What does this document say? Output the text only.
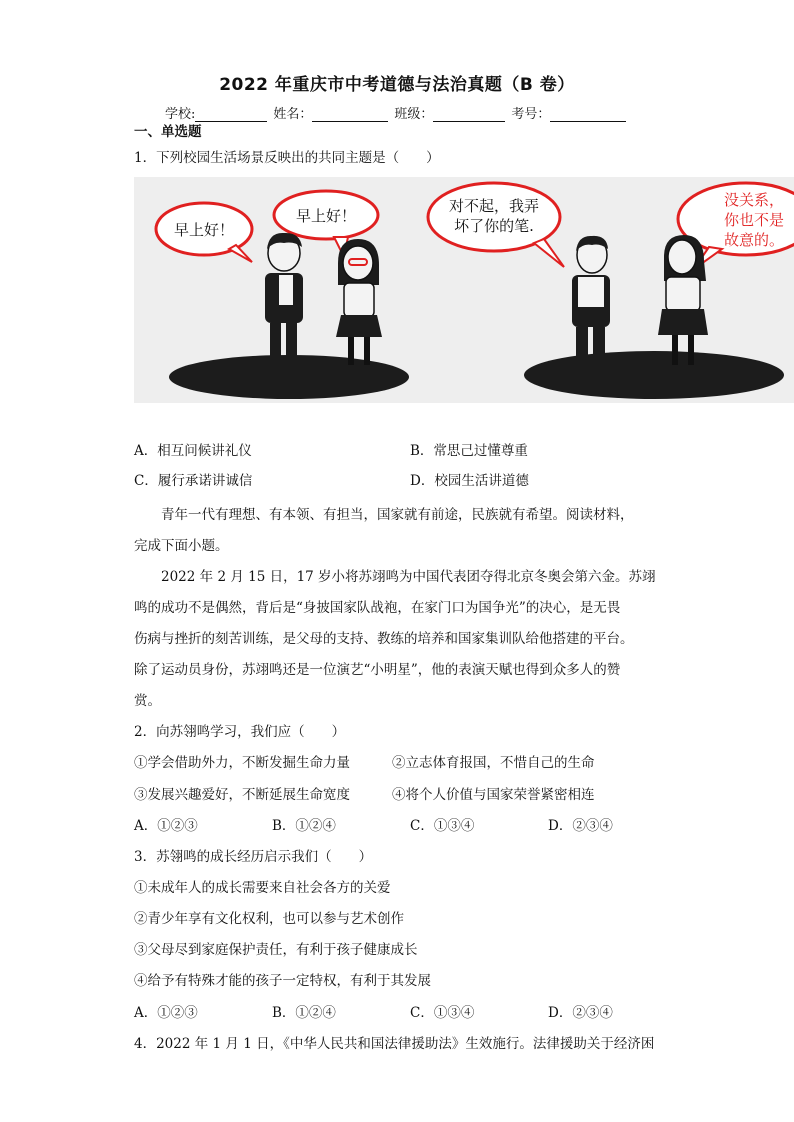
2022 年重庆市中考道德与法治真题（B 卷）
学校:	姓名：	班级：	考号：
一、单选题
1．下列校园生活场景反映出的共同主题是（　　）
早上好！
早上好！
对不起，我弄
坏了你的笔.
没关系，
你也不是
故意的。
A．相互问候讲礼仪	B．常思己过懂尊重
C．履行承诺讲诚信	D．校园生活讲道德
青年一代有理想、有本领、有担当，国家就有前途，民族就有希望。阅读材料，
完成下面小题。
2022 年 2 月 15 日，17 岁小将苏翊鸣为中国代表团夺得北京冬奥会第六金。苏翊
鸣的成功不是偶然，背后是“身披国家队战袍，在家门口为国争光”的决心，是无畏
伤病与挫折的刻苦训练，是父母的支持、教练的培养和国家集训队给他搭建的平台。
除了运动员身份，苏翊鸣还是一位演艺“小明星”，他的表演天赋也得到众多人的赞
赏。
2．向苏翎鸣学习，我们应（　　）
①学会借助外力，不断发掘生命力量	②立志体育报国，不惜自己的生命
③发展兴趣爱好，不断延展生命宽度	④将个人价值与国家荣誉紧密相连
A．①②③	B．①②④	C．①③④	D．②③④
3．苏翎鸣的成长经历启示我们（　　）
①未成年人的成长需要来自社会各方的关爱
②青少年享有文化权利，也可以参与艺术创作
③父母尽到家庭保护责任，有利于孩子健康成长
④给予有特殊才能的孩子一定特权，有利于其发展
A．①②③	B．①②④	C．①③④	D．②③④
4．2022 年 1 月 1 日，《中华人民共和国法律援助法》生效施行。法律援助关于经济困
